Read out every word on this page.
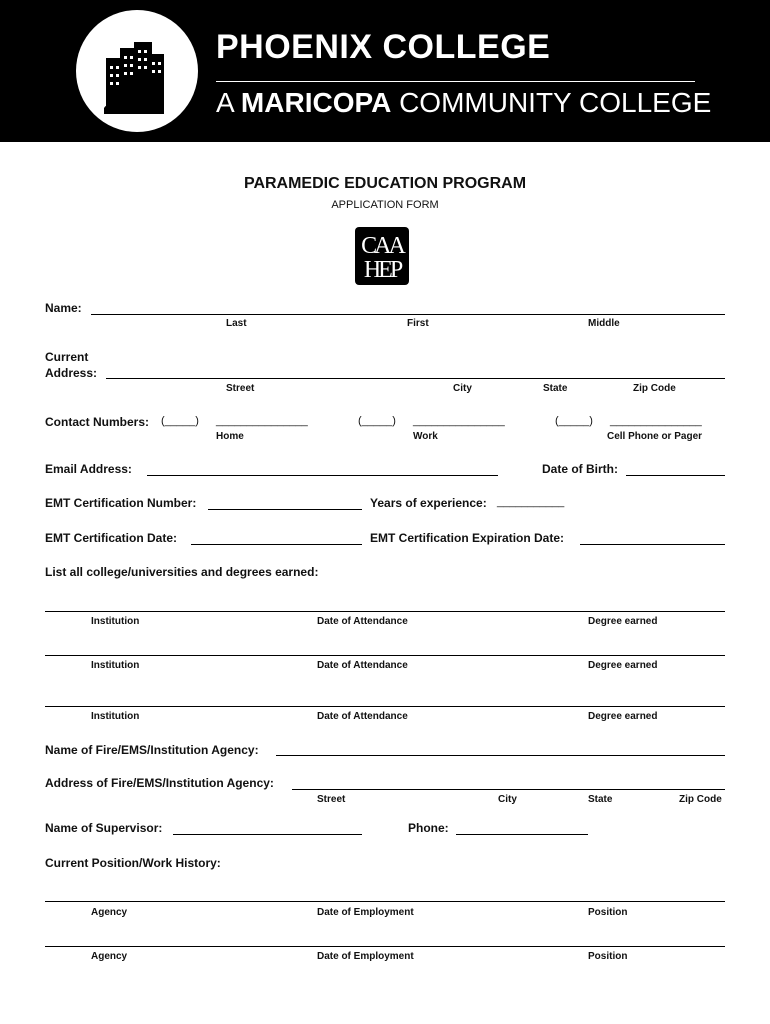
PHOENIX COLLEGE
A MARICOPA COMMUNITY COLLEGE
PARAMEDIC EDUCATION PROGRAM
APPLICATION FORM
CAA
HEP
Name:
Last	First	Middle
Current
Address:
Street	City	State	Zip Code
Contact Numbers: (_____) _______________	(_____) _______________	(_____) _______________
Home	Work	Cell Phone or Pager
Email Address:	Date of Birth:
EMT Certification Number:	Years of experience: ___________
EMT Certification Date:	EMT Certification Expiration Date:
List all college/universities and degrees earned:
Institution	Date of Attendance	Degree earned
Institution	Date of Attendance	Degree earned
Institution	Date of Attendance	Degree earned
Name of Fire/EMS/Institution Agency:
Address of Fire/EMS/Institution Agency:
Street	City	State	Zip Code
Name of Supervisor:	Phone:
Current Position/Work History:
Agency	Date of Employment	Position
Agency	Date of Employment	Position
